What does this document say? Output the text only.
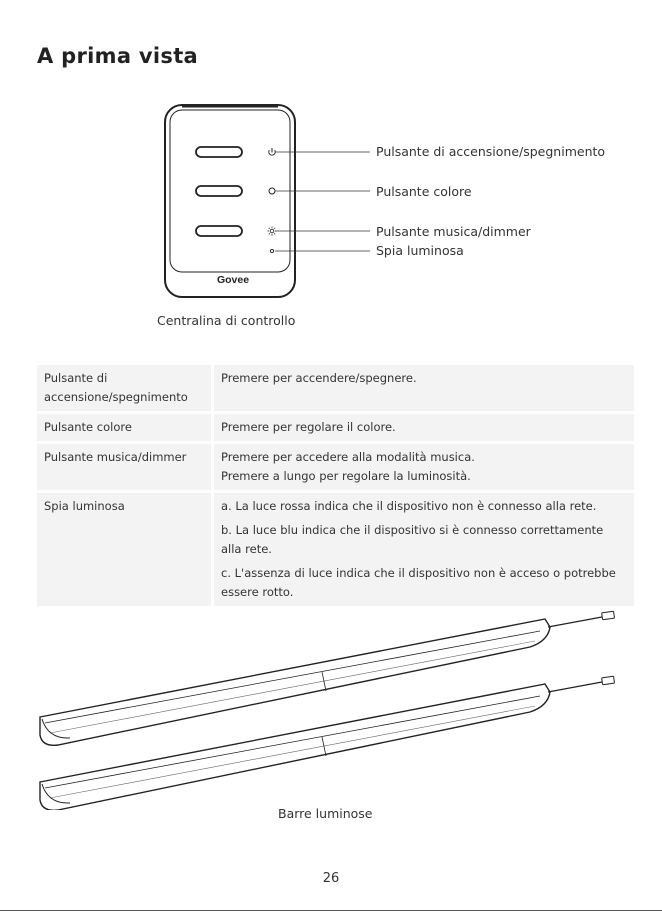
A prima vista
Govee
Pulsante di accensione/spegnimento
Pulsante colore
Pulsante musica/dimmer
Spia luminosa
Centralina di controllo
Pulsante di
accensione/spegnimento	Premere per accendere/spegnere.

Pulsante colore	Premere per regolare il colore.

Pulsante musica/dimmer	Premere per accedere alla modalità musica.
Premere a lungo per regolare la luminosità.

Spia luminosa	a. La luce rossa indica che il dispositivo non è connesso alla rete.

b. La luce blu indica che il dispositivo si è connesso correttamente alla rete.

c. L'assenza di luce indica che il dispositivo non è acceso o potrebbe essere rotto.

Barre luminose
26
